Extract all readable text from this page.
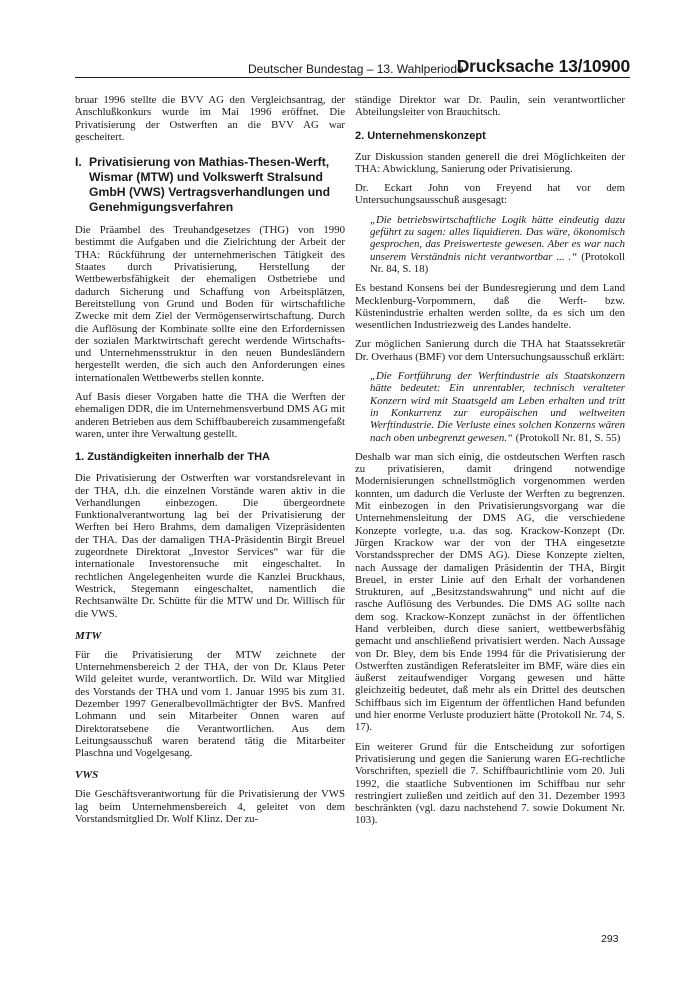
Deutscher Bundestag – 13. Wahlperiode
Drucksache 13/10900

bruar 1996 stellte die BVV AG den Vergleichsantrag, der Anschlußkonkurs wurde im Mai 1996 eröffnet. Die Privatisierung der Ostwerften an die BVV AG war gescheitert.

I. Privatisierung von Mathias-Thesen-Werft, Wismar (MTW) und Volkswerft Stralsund GmbH (VWS) Vertragsverhandlungen und Genehmigungsverfahren

Die Präambel des Treuhandgesetzes (THG) von 1990 bestimmt die Aufgaben und die Zielrichtung der Arbeit der THA: Rückführung der unternehmerischen Tätigkeit des Staates durch Privatisierung, Herstellung der Wettbewerbsfähigkeit der ehemaligen Ostbetriebe und dadurch Sicherung und Schaffung von Arbeitsplätzen, Bereitstellung von Grund und Boden für wirtschaftliche Zwecke mit dem Ziel der Vermögenserwirtschaftung. Durch die Auflösung der Kombinate sollte eine den Erfordernissen der sozialen Marktwirtschaft gerecht werdende Wirtschafts- und Unternehmensstruktur in den neuen Bundesländern hergestellt werden, die sich auch den Anforderungen eines internationalen Wettbewerbs stellen konnte.

Auf Basis dieser Vorgaben hatte die THA die Werften der ehemaligen DDR, die im Unternehmensverbund DMS AG mit anderen Betrieben aus dem Schiffbaubereich zusammengefaßt waren, unter ihre Verwaltung gestellt.

1. Zuständigkeiten innerhalb der THA

Die Privatisierung der Ostwerften war vorstandsrelevant in der THA, d.h. die einzelnen Vorstände waren aktiv in die Verhandlungen einbezogen. Die übergeordnete Funktionalverantwortung lag bei der Privatisierung der Werften bei Hero Brahms, dem damaligen Vizepräsidenten der THA. Das der damaligen THA-Präsidentin Birgit Breuel zugeordnete Direktorat „Investor Services“ war für die internationale Investorensuche mit eingeschaltet. In rechtlichen Angelegenheiten wurde die Kanzlei Bruckhaus, Westrick, Stegemann eingeschaltet, namentlich die Rechtsanwälte Dr. Schütte für die MTW und Dr. Willisch für die VWS.

MTW

Für die Privatisierung der MTW zeichnete der Unternehmensbereich 2 der THA, der von Dr. Klaus Peter Wild geleitet wurde, verantwortlich. Dr. Wild war Mitglied des Vorstands der THA und vom 1. Januar 1995 bis zum 31. Dezember 1997 Generalbevollmächtigter der BvS. Manfred Lohmann und sein Mitarbeiter Onnen waren auf Direktoratsebene die Verantwortlichen. Aus dem Leitungsausschuß waren beratend tätig die Mitarbeiter Plaschna und Vogelgesang.

VWS

Die Geschäftsverantwortung für die Privatisierung der VWS lag beim Unternehmensbereich 4, geleitet von dem Vorstandsmitglied Dr. Wolf Klinz. Der zu-

ständige Direktor war Dr. Paulin, sein verantwortlicher Abteilungsleiter von Brauchitsch.

2. Unternehmenskonzept

Zur Diskussion standen generell die drei Möglichkeiten der THA: Abwicklung, Sanierung oder Privatisierung.

Dr. Eckart John von Freyend hat vor dem Untersuchungsausschuß ausgesagt:

„Die betriebswirtschaftliche Logik hätte eindeutig dazu geführt zu sagen: alles liquidieren. Das wäre, ökonomisch gesprochen, das Preiswerteste gewesen. Aber es war nach unserem Verständnis nicht verantwortbar ... .“ (Protokoll Nr. 84, S. 18)

Es bestand Konsens bei der Bundesregierung und dem Land Mecklenburg-Vorpommern, daß die Werft- bzw. Küstenindustrie erhalten werden sollte, da es sich um den wesentlichen Industriezweig des Landes handelte.

Zur möglichen Sanierung durch die THA hat Staatssekretär Dr. Overhaus (BMF) vor dem Untersuchungsausschuß erklärt:

„Die Fortführung der Werftindustrie als Staatskonzern hätte bedeutet: Ein unrentabler, technisch veralteter Konzern wird mit Staatsgeld am Leben erhalten und tritt in Konkurrenz zur europäischen und weltweiten Werftindustrie. Die Verluste eines solchen Konzerns wären nach oben unbegrenzt gewesen.“ (Protokoll Nr. 81, S. 55)

Deshalb war man sich einig, die ostdeutschen Werften rasch zu privatisieren, damit dringend notwendige Modernisierungen schnellstmöglich vorgenommen werden konnten, um dadurch die Verluste der Werften zu begrenzen. Mit einbezogen in den Privatisierungsvorgang war die Unternehmensleitung der DMS AG, die verschiedene Konzepte vorlegte, u.a. das sog. Krackow-Konzept (Dr. Jürgen Krackow war der von der THA eingesetzte Vorstandssprecher der DMS AG). Diese Konzepte zielten, nach Aussage der damaligen Präsidentin der THA, Birgit Breuel, in erster Linie auf den Erhalt der vorhandenen Strukturen, auf „Besitzstandswahrung“ und nicht auf die rasche Auflösung des Verbundes. Die DMS AG sollte nach dem sog. Krackow-Konzept zunächst in der öffentlichen Hand verbleiben, durch diese saniert, wettbewerbsfähig gemacht und anschließend privatisiert werden. Nach Aussage von Dr. Bley, dem bis Ende 1994 für die Privatisierung der Ostwerften zuständigen Referatsleiter im BMF, wäre dies ein äußerst zeitaufwendiger Vorgang gewesen und hätte gleichzeitig bedeutet, daß mehr als ein Drittel des deutschen Schiffbaus sich im Eigentum der öffentlichen Hand befunden und hier enorme Verluste produziert hätte (Protokoll Nr. 74, S. 17).

Ein weiterer Grund für die Entscheidung zur sofortigen Privatisierung und gegen die Sanierung waren EG-rechtliche Vorschriften, speziell die 7. Schiffbaurichtlinie vom 20. Juli 1992, die staatliche Subventionen im Schiffbau nur sehr restringiert zuließen und zeitlich auf den 31. Dezember 1993 beschränkten (vgl. dazu nachstehend 7. sowie Dokument Nr. 103).

293
